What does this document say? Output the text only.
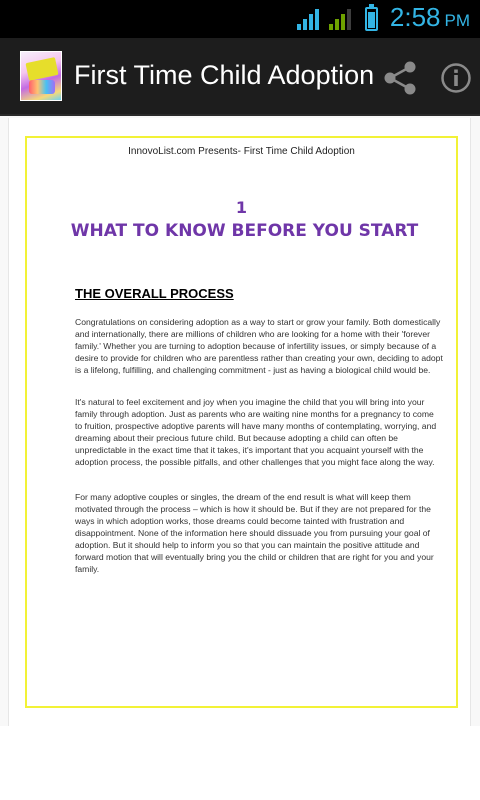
2:58 PM
First Time Child Adoption
InnovoList.com Presents- First Time Child Adoption
1
WHAT TO KNOW BEFORE YOU START
THE OVERALL PROCESS
Congratulations on considering adoption as a way to start or grow your family. Both domestically and internationally, there are millions of children who are looking for a home with their 'forever family.' Whether you are turning to adoption because of infertility issues, or simply because of a desire to provide for children who are parentless rather than creating your own, deciding to adopt is a lifelong, fulfilling, and challenging commitment - just as having a biological child would be.
It's natural to feel excitement and joy when you imagine the child that you will bring into your family through adoption. Just as parents who are waiting nine months for a pregnancy to come to fruition, prospective adoptive parents will have many months of contemplating, worrying, and dreaming about their precious future child. But because adopting a child can often be unpredictable in the exact time that it takes, it's important that you acquaint yourself with the adoption process, the possible pitfalls, and other challenges that you might face along the way.
For many adoptive couples or singles, the dream of the end result is what will keep them motivated through the process – which is how it should be. But if they are not prepared for the ways in which adoption works, those dreams could become tainted with frustration and disappointment. None of the information here should dissuade you from pursuing your goal of adoption. But it should help to inform you so that you can maintain the positive attitude and forward motion that will eventually bring you the child or children that are right for you and your family.
